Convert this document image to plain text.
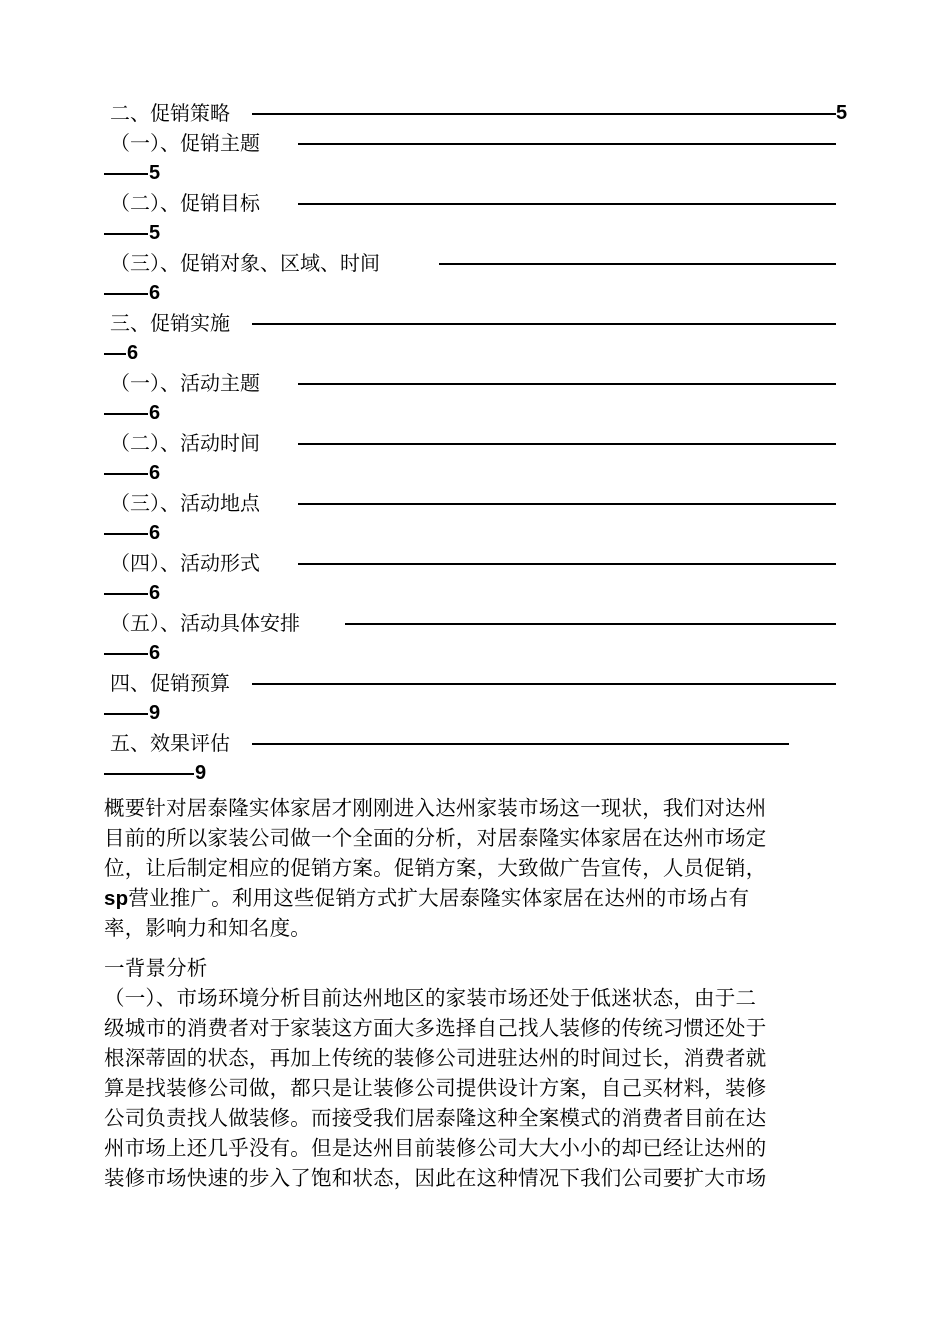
二、促销策略	5
（一）、促销主题
5
（二）、促销目标
5
（三）、促销对象、区域、时间
6
三、促销实施
6
（一）、活动主题
6
（二）、活动时间
6
（三）、活动地点
6
（四）、活动形式
6
（五）、活动具体安排
6
四、促销预算
9
五、效果评估
9
概要针对居泰隆实体家居才刚刚进入达州家装市场这一现状，我们对达州
目前的所以家装公司做一个全面的分析，对居泰隆实体家居在达州市场定
位，让后制定相应的促销方案。促销方案，大致做广告宣传，人员促销，
sp营业推广。利用这些促销方式扩大居泰隆实体家居在达州的市场占有
率，影响力和知名度。
一背景分析
（一）、市场环境分析目前达州地区的家装市场还处于低迷状态，由于二
级城市的消费者对于家装这方面大多选择自己找人装修的传统习惯还处于
根深蒂固的状态，再加上传统的装修公司进驻达州的时间过长，消费者就
算是找装修公司做，都只是让装修公司提供设计方案，自己买材料，装修
公司负责找人做装修。而接受我们居泰隆这种全案模式的消费者目前在达
州市场上还几乎没有。但是达州目前装修公司大大小小的却已经让达州的
装修市场快速的步入了饱和状态，因此在这种情况下我们公司要扩大市场
